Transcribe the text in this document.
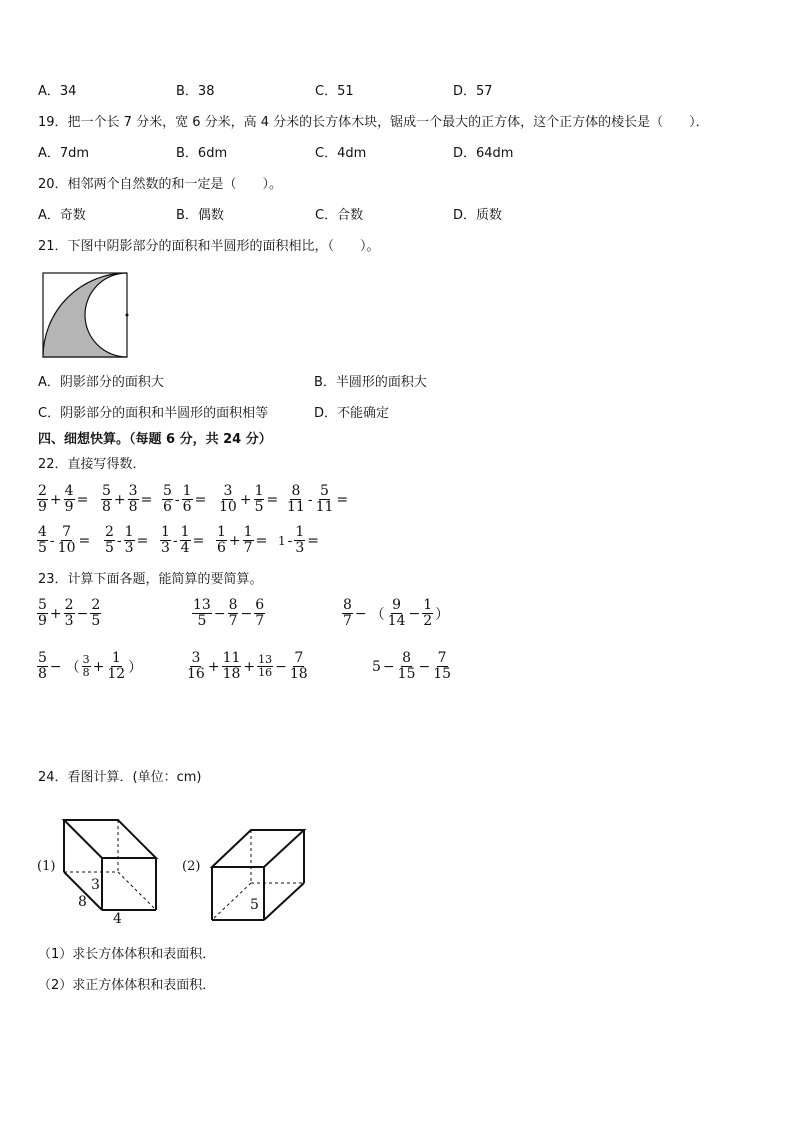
A．34	B．38	C．51	D．57
19．把一个长 7 分米，宽 6 分米，高 4 分米的长方体木块，锯成一个最大的正方体，这个正方体的棱长是（　　）．
A．7dm	B．6dm	C．4dm	D．64dm
20．相邻两个自然数的和一定是（　　）。
A．奇数	B．偶数	C．合数	D．质数
21．下图中阴影部分的面积和半圆形的面积相比，（　　）。
A．阴影部分的面积大	B．半圆形的面积大
C．阴影部分的面积和半圆形的面积相等	D．不能确定
四、细想快算。（每题 6 分，共 24 分）
22．直接写得数．
$\frac{2}{9} + \frac{4}{9} = \frac{5}{8} + \frac{3}{8} = \frac{5}{6} - \frac{1}{6} = \frac{3}{10} + \frac{1}{5} = \frac{8}{11} - \frac{5}{11}$ =
$\frac{4}{5} - \frac{7}{10} = \frac{2}{5} - \frac{1}{3} = \frac{1}{3} - \frac{1}{4} = \frac{1}{6} + \frac{1}{7} = 1 - \frac{1}{3}$ =
23．计算下面各题，能简算的要简算。
$\frac{5}{9} + \frac{2}{3} - \frac{2}{5}$	$\frac{13}{5} - \frac{8}{7} - \frac{6}{7}$	$\frac{8}{7}$ − （ $\frac{9}{14} - \frac{1}{2}$ ）
$\frac{5}{8}$ − （ $\frac{3}{8} + \frac{1}{12}$ ）	$\frac{3}{16} + \frac{11}{18} + \frac{13}{16} - \frac{7}{18}$	$5 - \frac{8}{15} - \frac{7}{15}$
24．看图计算．(单位：cm)
(1)
3
8
4
(2)
5
（1）求长方体体积和表面积．
（2）求正方体体积和表面积．
